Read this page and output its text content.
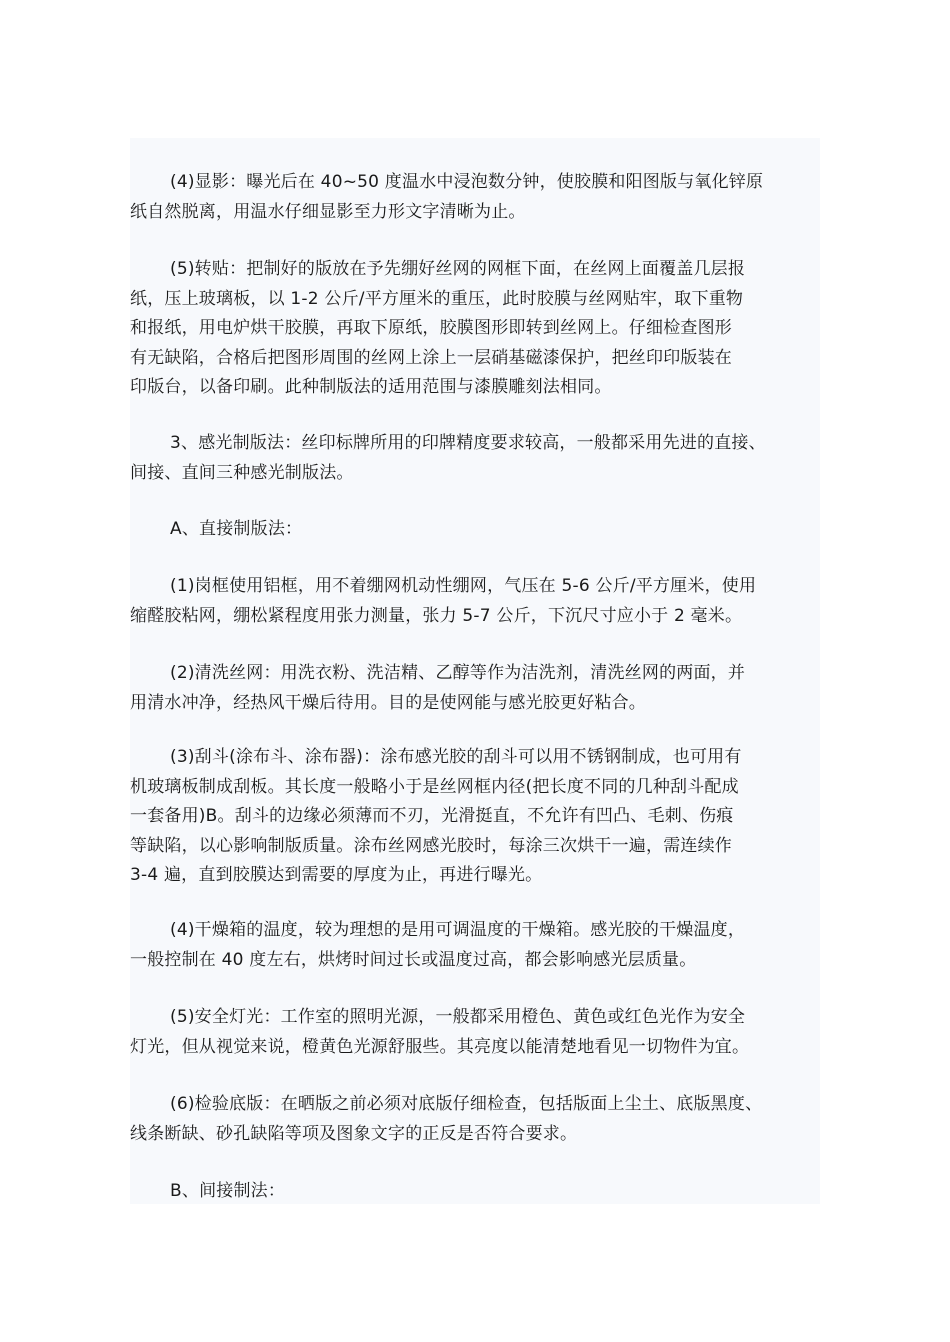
(4)显影：曝光后在 40~50 度温水中浸泡数分钟，使胶膜和阳图版与氧化锌原
纸自然脱离，用温水仔细显影至力形文字清晰为止。

(5)转贴：把制好的版放在予先绷好丝网的网框下面，在丝网上面覆盖几层报
纸，压上玻璃板，以 1-2 公斤/平方厘米的重压，此时胶膜与丝网贴牢，取下重物
和报纸，用电炉烘干胶膜，再取下原纸，胶膜图形即转到丝网上。仔细检查图形
有无缺陷，合格后把图形周围的丝网上涂上一层硝基磁漆保护，把丝印印版装在
印版台，以备印刷。此种制版法的适用范围与漆膜雕刻法相同。

3、感光制版法：丝印标牌所用的印牌精度要求较高，一般都采用先进的直接、
间接、直间三种感光制版法。

A、直接制版法：

(1)岗框使用铝框，用不着绷网机动性绷网，气压在 5-6 公斤/平方厘米，使用
缩醛胶粘网，绷松紧程度用张力测量，张力 5-7 公斤，下沉尺寸应小于 2 毫米。

(2)清洗丝网：用洗衣粉、洗洁精、乙醇等作为洁洗剂，清洗丝网的两面，并
用清水冲净，经热风干燥后待用。目的是使网能与感光胶更好粘合。

(3)刮斗(涂布斗、涂布器)：涂布感光胶的刮斗可以用不锈钢制成，也可用有
机玻璃板制成刮板。其长度一般略小于是丝网框内径(把长度不同的几种刮斗配成
一套备用)B。刮斗的边缘必须薄而不刃，光滑挺直，不允许有凹凸、毛刺、伤痕
等缺陷，以心影响制版质量。涂布丝网感光胶时，每涂三次烘干一遍，需连续作
3-4 遍，直到胶膜达到需要的厚度为止，再进行曝光。

(4)干燥箱的温度，较为理想的是用可调温度的干燥箱。感光胶的干燥温度，
一般控制在 40 度左右，烘烤时间过长或温度过高，都会影响感光层质量。

(5)安全灯光：工作室的照明光源，一般都采用橙色、黄色或红色光作为安全
灯光，但从视觉来说，橙黄色光源舒服些。其亮度以能清楚地看见一切物件为宜。

(6)检验底版：在晒版之前必须对底版仔细检查，包括版面上尘土、底版黑度、
线条断缺、砂孔缺陷等项及图象文字的正反是否符合要求。

B、间接制法：
